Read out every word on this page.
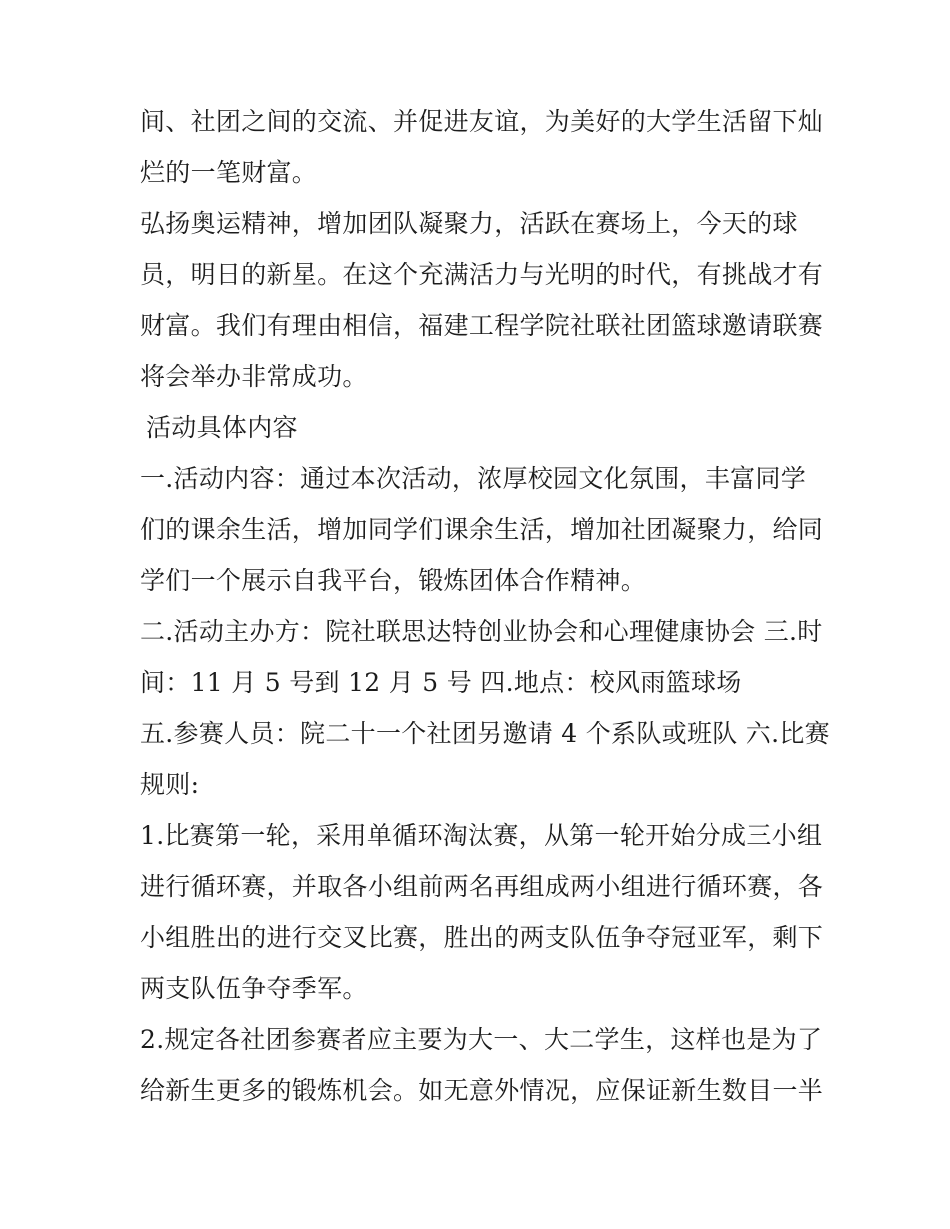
间、社团之间的交流、并促进友谊，为美好的大学生活留下灿
烂的一笔财富。
弘扬奥运精神，增加团队凝聚力，活跃在赛场上，今天的球
员，明日的新星。在这个充满活力与光明的时代，有挑战才有
财富。我们有理由相信，福建工程学院社联社团篮球邀请联赛
将会举办非常成功。
活动具体内容
一.活动内容：通过本次活动，浓厚校园文化氛围，丰富同学
们的课余生活，增加同学们课余生活，增加社团凝聚力，给同
学们一个展示自我平台，锻炼团体合作精神。
二.活动主办方：院社联思达特创业协会和心理健康协会 三.时
间：11 月 5 号到 12 月 5 号 四.地点：校风雨篮球场
五.参赛人员：院二十一个社团另邀请 4 个系队或班队 六.比赛
规则:
1.比赛第一轮，采用单循环淘汰赛，从第一轮开始分成三小组
进行循环赛，并取各小组前两名再组成两小组进行循环赛，各
小组胜出的进行交叉比赛，胜出的两支队伍争夺冠亚军，剩下
两支队伍争夺季军。
2.规定各社团参赛者应主要为大一、大二学生，这样也是为了
给新生更多的锻炼机会。如无意外情况，应保证新生数目一半
